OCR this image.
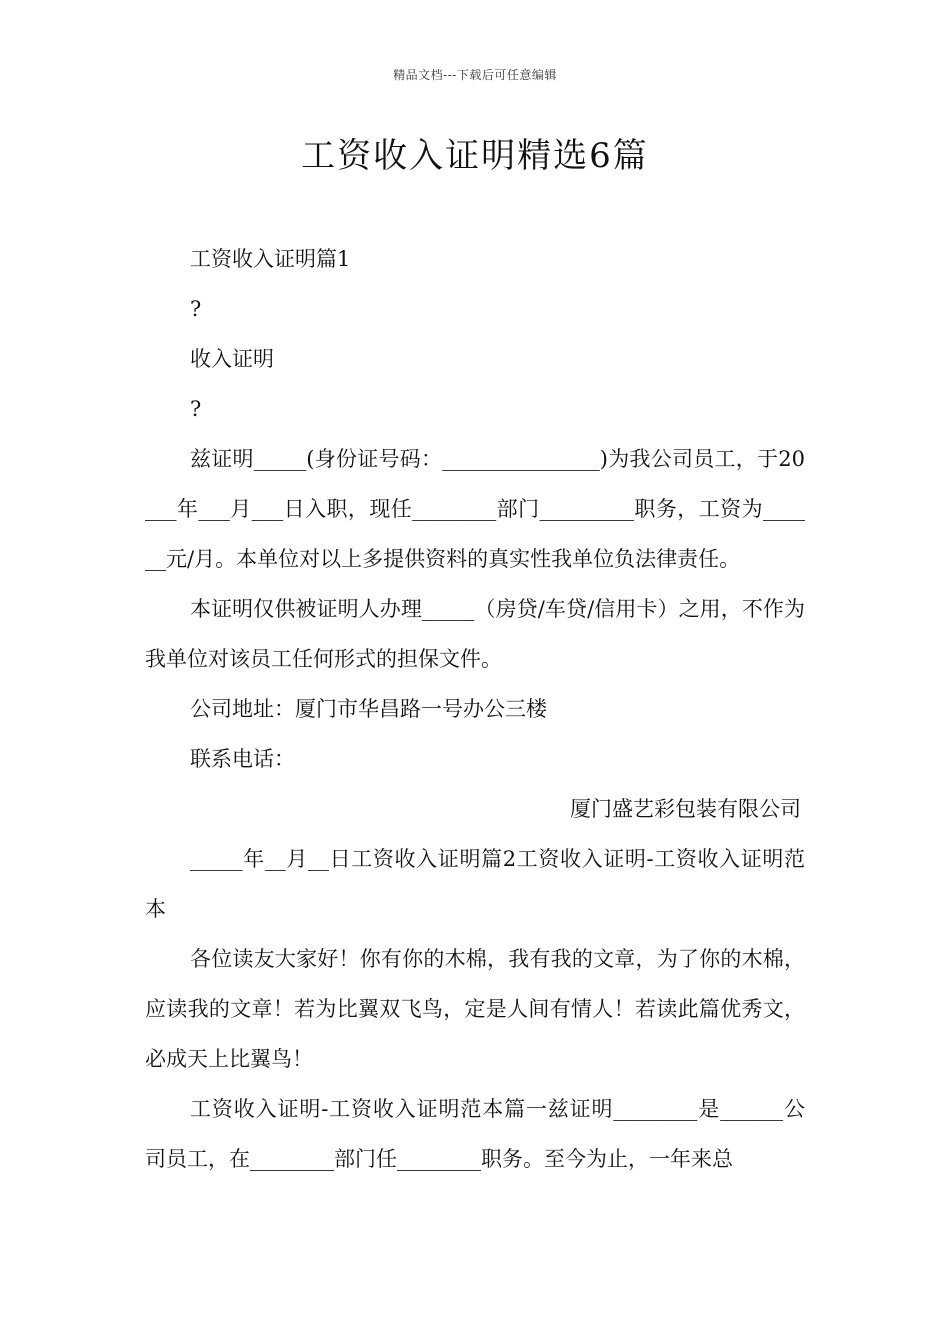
精品文档---下载后可任意编辑
工资收入证明精选6篇

工资收入证明篇1

?

收入证明

?

兹证明_____(身份证号码：_______________)为我公司员工，于20___年___月___日入职，现任________部门_________职务，工资为______元/月。本单位对以上多提供资料的真实性我单位负法律责任。

本证明仅供被证明人办理_____（房贷/车贷/信用卡）之用，不作为我单位对该员工任何形式的担保文件。

公司地址：厦门市华昌路一号办公三楼

联系电话：

厦门盛艺彩包装有限公司

_____年__月__日工资收入证明篇2工资收入证明-工资收入证明范本

各位读友大家好！你有你的木棉，我有我的文章，为了你的木棉，应读我的文章！若为比翼双飞鸟，定是人间有情人！若读此篇优秀文，必成天上比翼鸟！

工资收入证明-工资收入证明范本篇一兹证明________是______公司员工，在________部门任________职务。至今为止，一年来总
